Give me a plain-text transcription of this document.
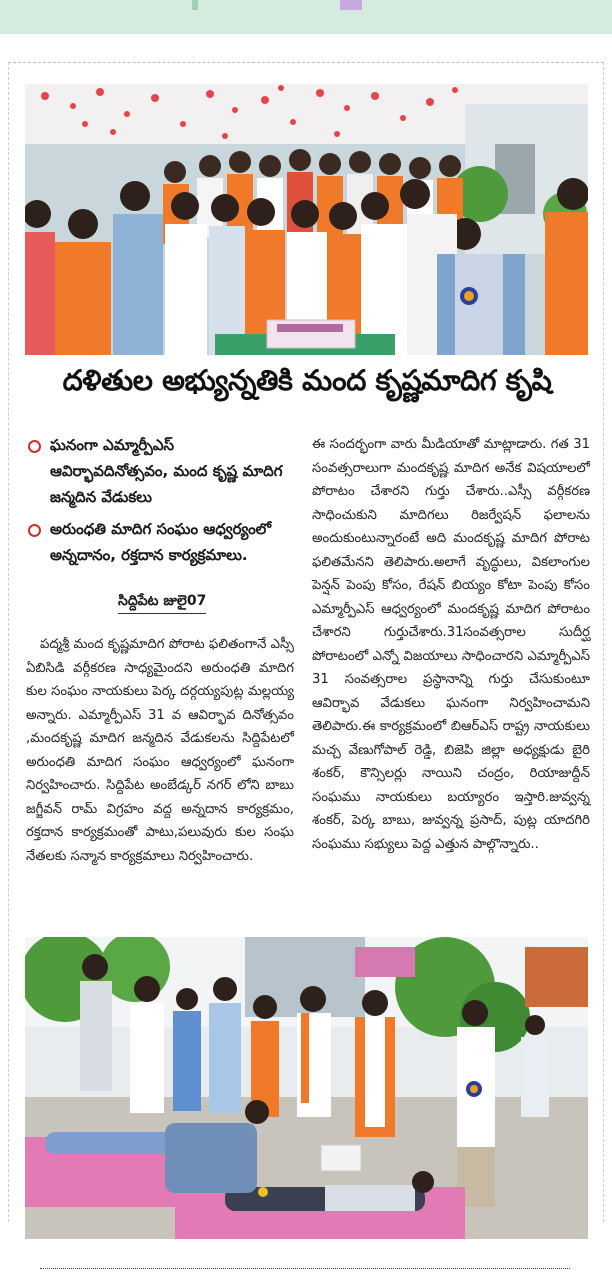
దళితుల అభ్యున్నతికి మంద కృష్ణమాదిగ కృషి
ఘనంగా ఎమ్మార్పీఎస్ ఆవిర్భావదినోత్సవం, మంద కృష్ణ మాదిగ జన్మదిన వేడుకలు
అరుంధతి మాదిగ సంఘం ఆధ్వర్యంలో అన్నదానం, రక్తదాన కార్యక్రమాలు.
సిద్దిపేట జులై07
పద్మశ్రీ మంద కృష్ణమాదిగ పోరాట ఫలితంగానే ఎస్సీ ఏబిసిడి వర్గీకరణ సాధ్యమైందని అరుంధతి మాదిగ కుల సంఘం నాయకులు పెర్క దర్గయ్యపుట్ల మల్లయ్య అన్నారు. ఎమ్మార్పీఎస్ 31 వ ఆవిర్భావ దినోత్సవం ,మందకృష్ణ మాదిగ జన్మదిన వేడుకలను సిద్దిపేటలో అరుంధతి మాదిగ సంఘం ఆధ్వర్యంలో ఘనంగా నిర్వహించారు. సిద్దిపేట అంబేడ్కర్ నగర్ లోని బాబు జగ్జీవన్ రామ్ విగ్రహం వద్ద అన్నదాన కార్యక్రమం, రక్తదాన కార్యక్రమంతో పాటు,పలువురు కుల సంఘ నేతలకు సన్మాన కార్యక్రమాలు నిర్వహించారు.
ఈ సందర్భంగా వారు మీడియాతో మాట్లాడారు. గత 31 సంవత్సరాలుగా మందకృష్ణ మాదిగ అనేక విషయాలలో పోరాటం చేశారని గుర్తు చేశారు..ఎస్సీ వర్గీకరణ సాధించుకుని మాదిగలు రిజర్వేషన్ ఫలాలను అందుకుంటున్నారంటే అది మందకృష్ణ మాదిగ పోరాట ఫలితమేనని తెలిపారు.అలాగే వృద్ధులు, వికలాంగుల పెన్షన్ పెంపు కోసం, రేషన్ బియ్యం కోటా పెంపు కోసం ఎమ్మార్పీఎస్ ఆధ్వర్యంలో మందకృష్ణ మాదిగ పోరాటం చేశారని గుర్తుచేశారు.31సంవత్సరాల సుదీర్ఘ పోరాటంలో ఎన్నో విజయాలు సాధించారని ఎమ్మార్పీఎస్ 31 సంవత్సరాల ప్రస్థానాన్ని గుర్తు చేసుకుంటూ ఆవిర్భావ వేడుకలు ఘనంగా నిర్వహించామని తెలిపారు.ఈ కార్యక్రమంలో బిఆర్ఎస్ రాష్ట్ర నాయకులు మచ్చ వేణుగోపాల్ రెడ్డి, బిజెపి జిల్లా అధ్యక్షుడు బైరి శంకర్, కౌన్సిలర్లు నాయిని చంద్రం, రియాజుద్దీన్ సంఘము నాయకులు బయ్యారం ఇస్తారి.జువ్వన్న శంకర్, పెర్క బాబు, జువ్వన్న ప్రసాద్, పుట్ల యాదగిరి సంఘము సభ్యులు పెద్ద ఎత్తున పాల్గొన్నారు..
